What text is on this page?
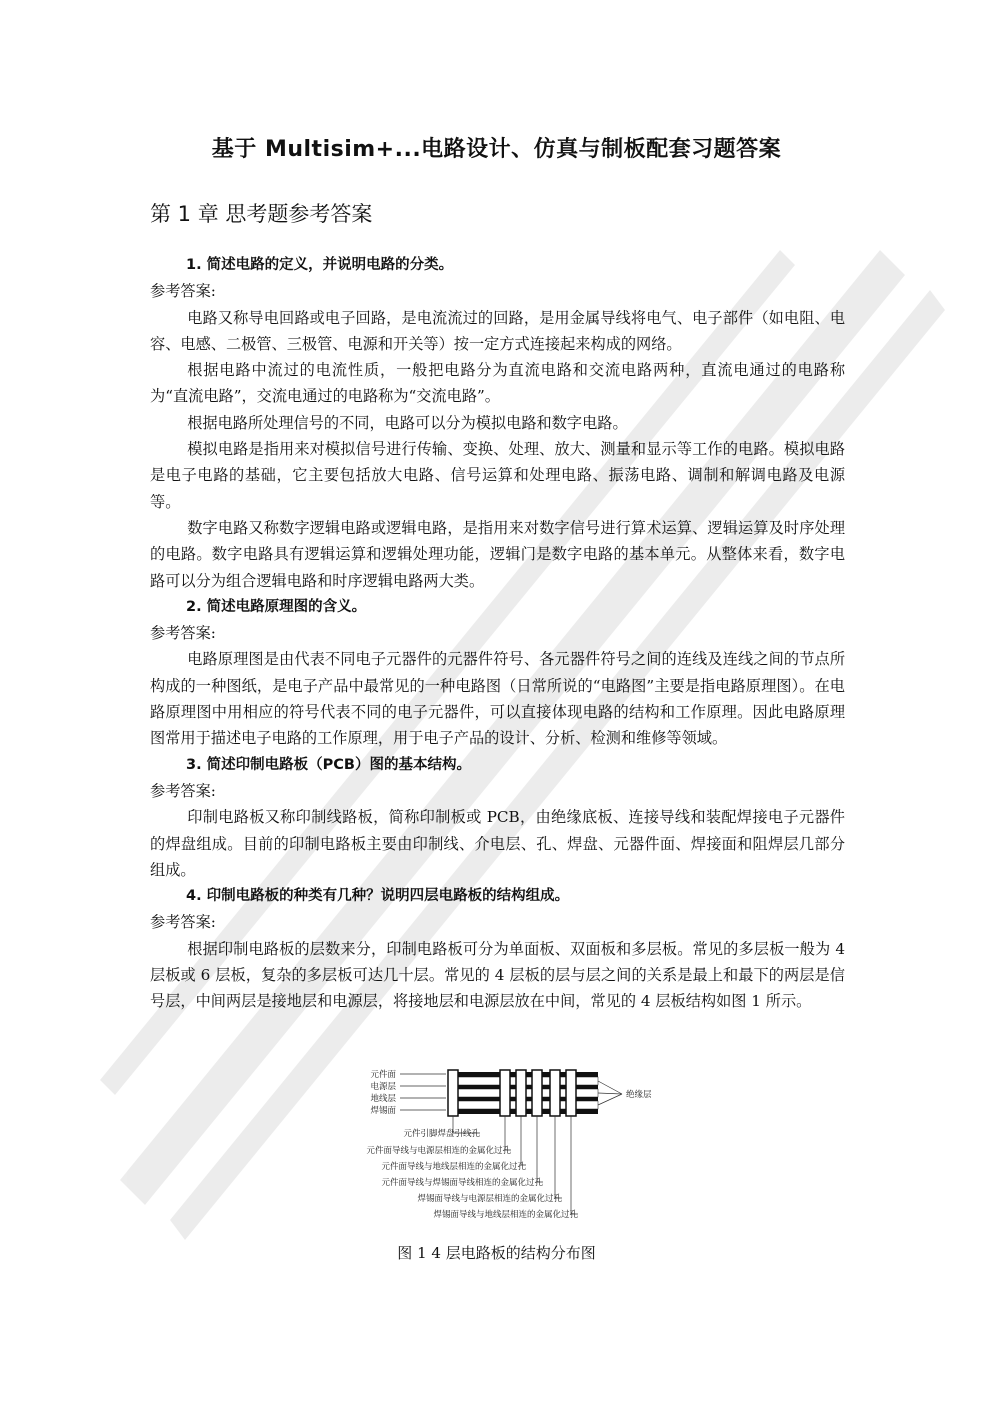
基于 Multisim+...电路设计、仿真与制板配套习题答案
第 1 章 思考题参考答案
1. 简述电路的定义，并说明电路的分类。
参考答案:
电路又称导电回路或电子回路，是电流流过的回路，是用金属导线将电气、电子部件（如电阻、电容、电感、二极管、三极管、电源和开关等）按一定方式连接起来构成的网络。
根据电路中流过的电流性质，一般把电路分为直流电路和交流电路两种，直流电通过的电路称为“直流电路”，交流电通过的电路称为“交流电路”。
根据电路所处理信号的不同，电路可以分为模拟电路和数字电路。
模拟电路是指用来对模拟信号进行传输、变换、处理、放大、测量和显示等工作的电路。模拟电路是电子电路的基础，它主要包括放大电路、信号运算和处理电路、振荡电路、调制和解调电路及电源等。
数字电路又称数字逻辑电路或逻辑电路，是指用来对数字信号进行算术运算、逻辑运算及时序处理的电路。数字电路具有逻辑运算和逻辑处理功能，逻辑门是数字电路的基本单元。从整体来看，数字电路可以分为组合逻辑电路和时序逻辑电路两大类。
2. 简述电路原理图的含义。
参考答案:
电路原理图是由代表不同电子元器件的元器件符号、各元器件符号之间的连线及连线之间的节点所构成的一种图纸，是电子产品中最常见的一种电路图（日常所说的“电路图”主要是指电路原理图）。在电路原理图中用相应的符号代表不同的电子元器件，可以直接体现电路的结构和工作原理。因此电路原理图常用于描述电子电路的工作原理，用于电子产品的设计、分析、检测和维修等领域。
3. 简述印制电路板（PCB）图的基本结构。
参考答案:
印制电路板又称印制线路板，简称印制板或 PCB，由绝缘底板、连接导线和装配焊接电子元器件的焊盘组成。目前的印制电路板主要由印制线、介电层、孔、焊盘、元器件面、焊接面和阻焊层几部分组成。
4. 印制电路板的种类有几种？说明四层电路板的结构组成。
参考答案:
根据印制电路板的层数来分，印制电路板可分为单面板、双面板和多层板。常见的多层板一般为 4 层板或 6 层板，复杂的多层板可达几十层。常见的 4 层板的层与层之间的关系是最上和最下的两层是信号层，中间两层是接地层和电源层，将接地层和电源层放在中间，常见的 4 层板结构如图 1 所示。
元件面
电源层
地线层
焊锡面
绝缘层
元件引脚焊盘引线孔
元件面导线与电源层相连的金属化过孔
元件面导线与地线层相连的金属化过孔
元件面导线与焊锡面导线相连的金属化过孔
焊锡面导线与电源层相连的金属化过孔
焊锡面导线与地线层相连的金属化过孔
图 1 4 层电路板的结构分布图
